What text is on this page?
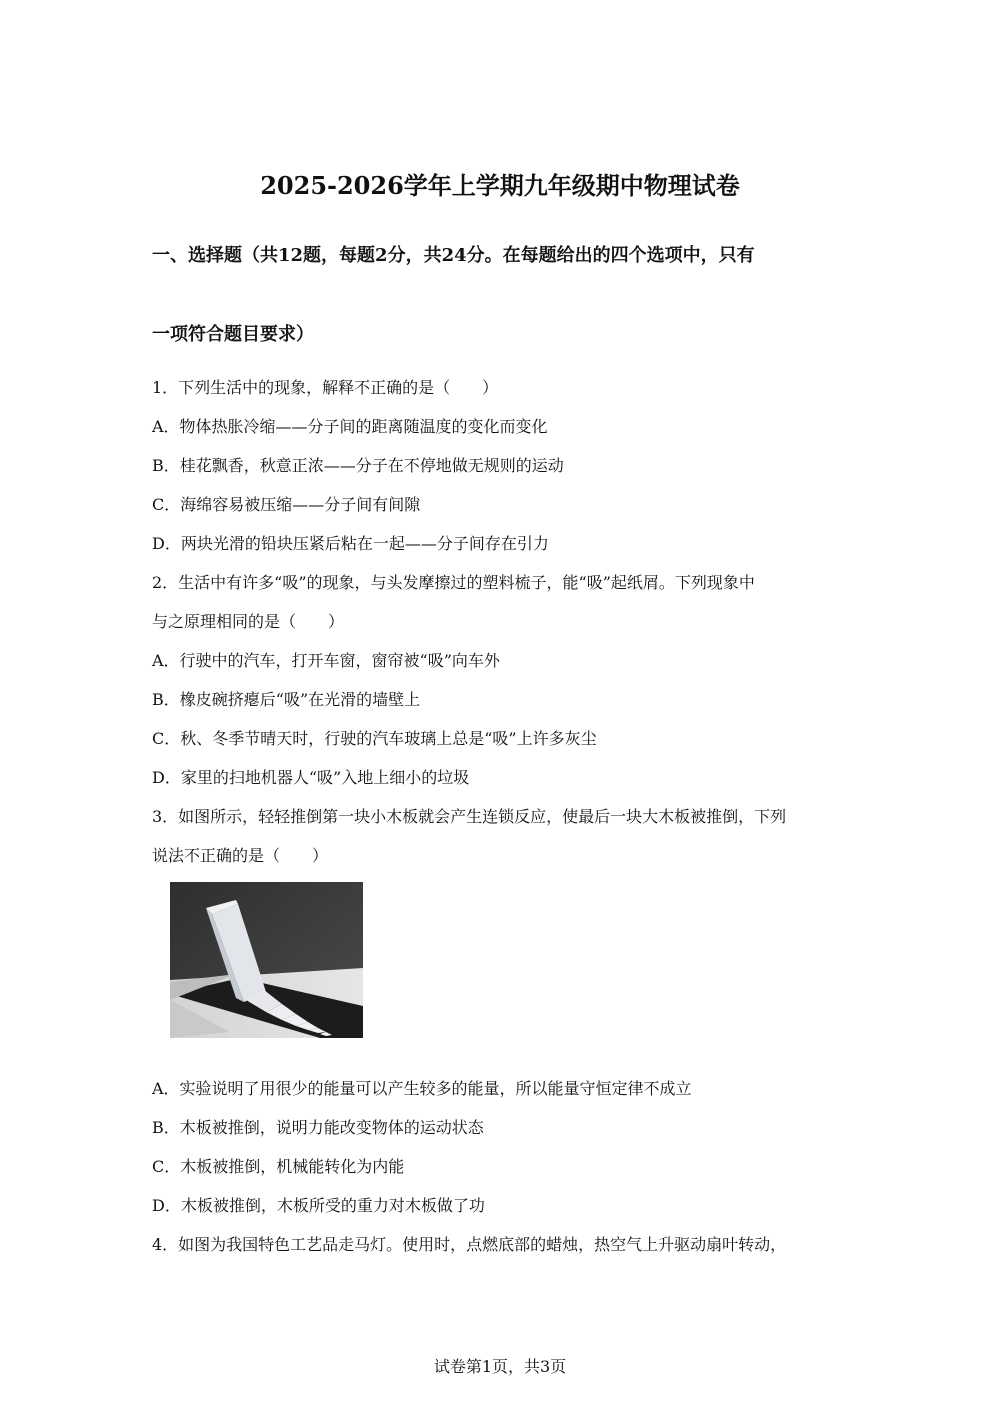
2025-2026学年上学期九年级期中物理试卷

一、选择题（共12题，每题2分，共24分。在每题给出的四个选项中，只有

一项符合题目要求）

1．下列生活中的现象，解释不正确的是（　　）

A．物体热胀冷缩——分子间的距离随温度的变化而变化

B．桂花飘香，秋意正浓——分子在不停地做无规则的运动

C．海绵容易被压缩——分子间有间隙

D．两块光滑的铅块压紧后粘在一起——分子间存在引力

2．生活中有许多“吸”的现象，与头发摩擦过的塑料梳子，能“吸”起纸屑。下列现象中

与之原理相同的是（　　）

A．行驶中的汽车，打开车窗，窗帘被“吸”向车外

B．橡皮碗挤瘪后“吸”在光滑的墙壁上

C．秋、冬季节晴天时，行驶的汽车玻璃上总是“吸”上许多灰尘

D．家里的扫地机器人“吸”入地上细小的垃圾

3．如图所示，轻轻推倒第一块小木板就会产生连锁反应，使最后一块大木板被推倒，下列

说法不正确的是（　　）

A．实验说明了用很少的能量可以产生较多的能量，所以能量守恒定律不成立

B．木板被推倒，说明力能改变物体的运动状态

C．木板被推倒，机械能转化为内能

D．木板被推倒，木板所受的重力对木板做了功

4．如图为我国特色工艺品走马灯。使用时，点燃底部的蜡烛，热空气上升驱动扇叶转动，

试卷第1页，共3页
